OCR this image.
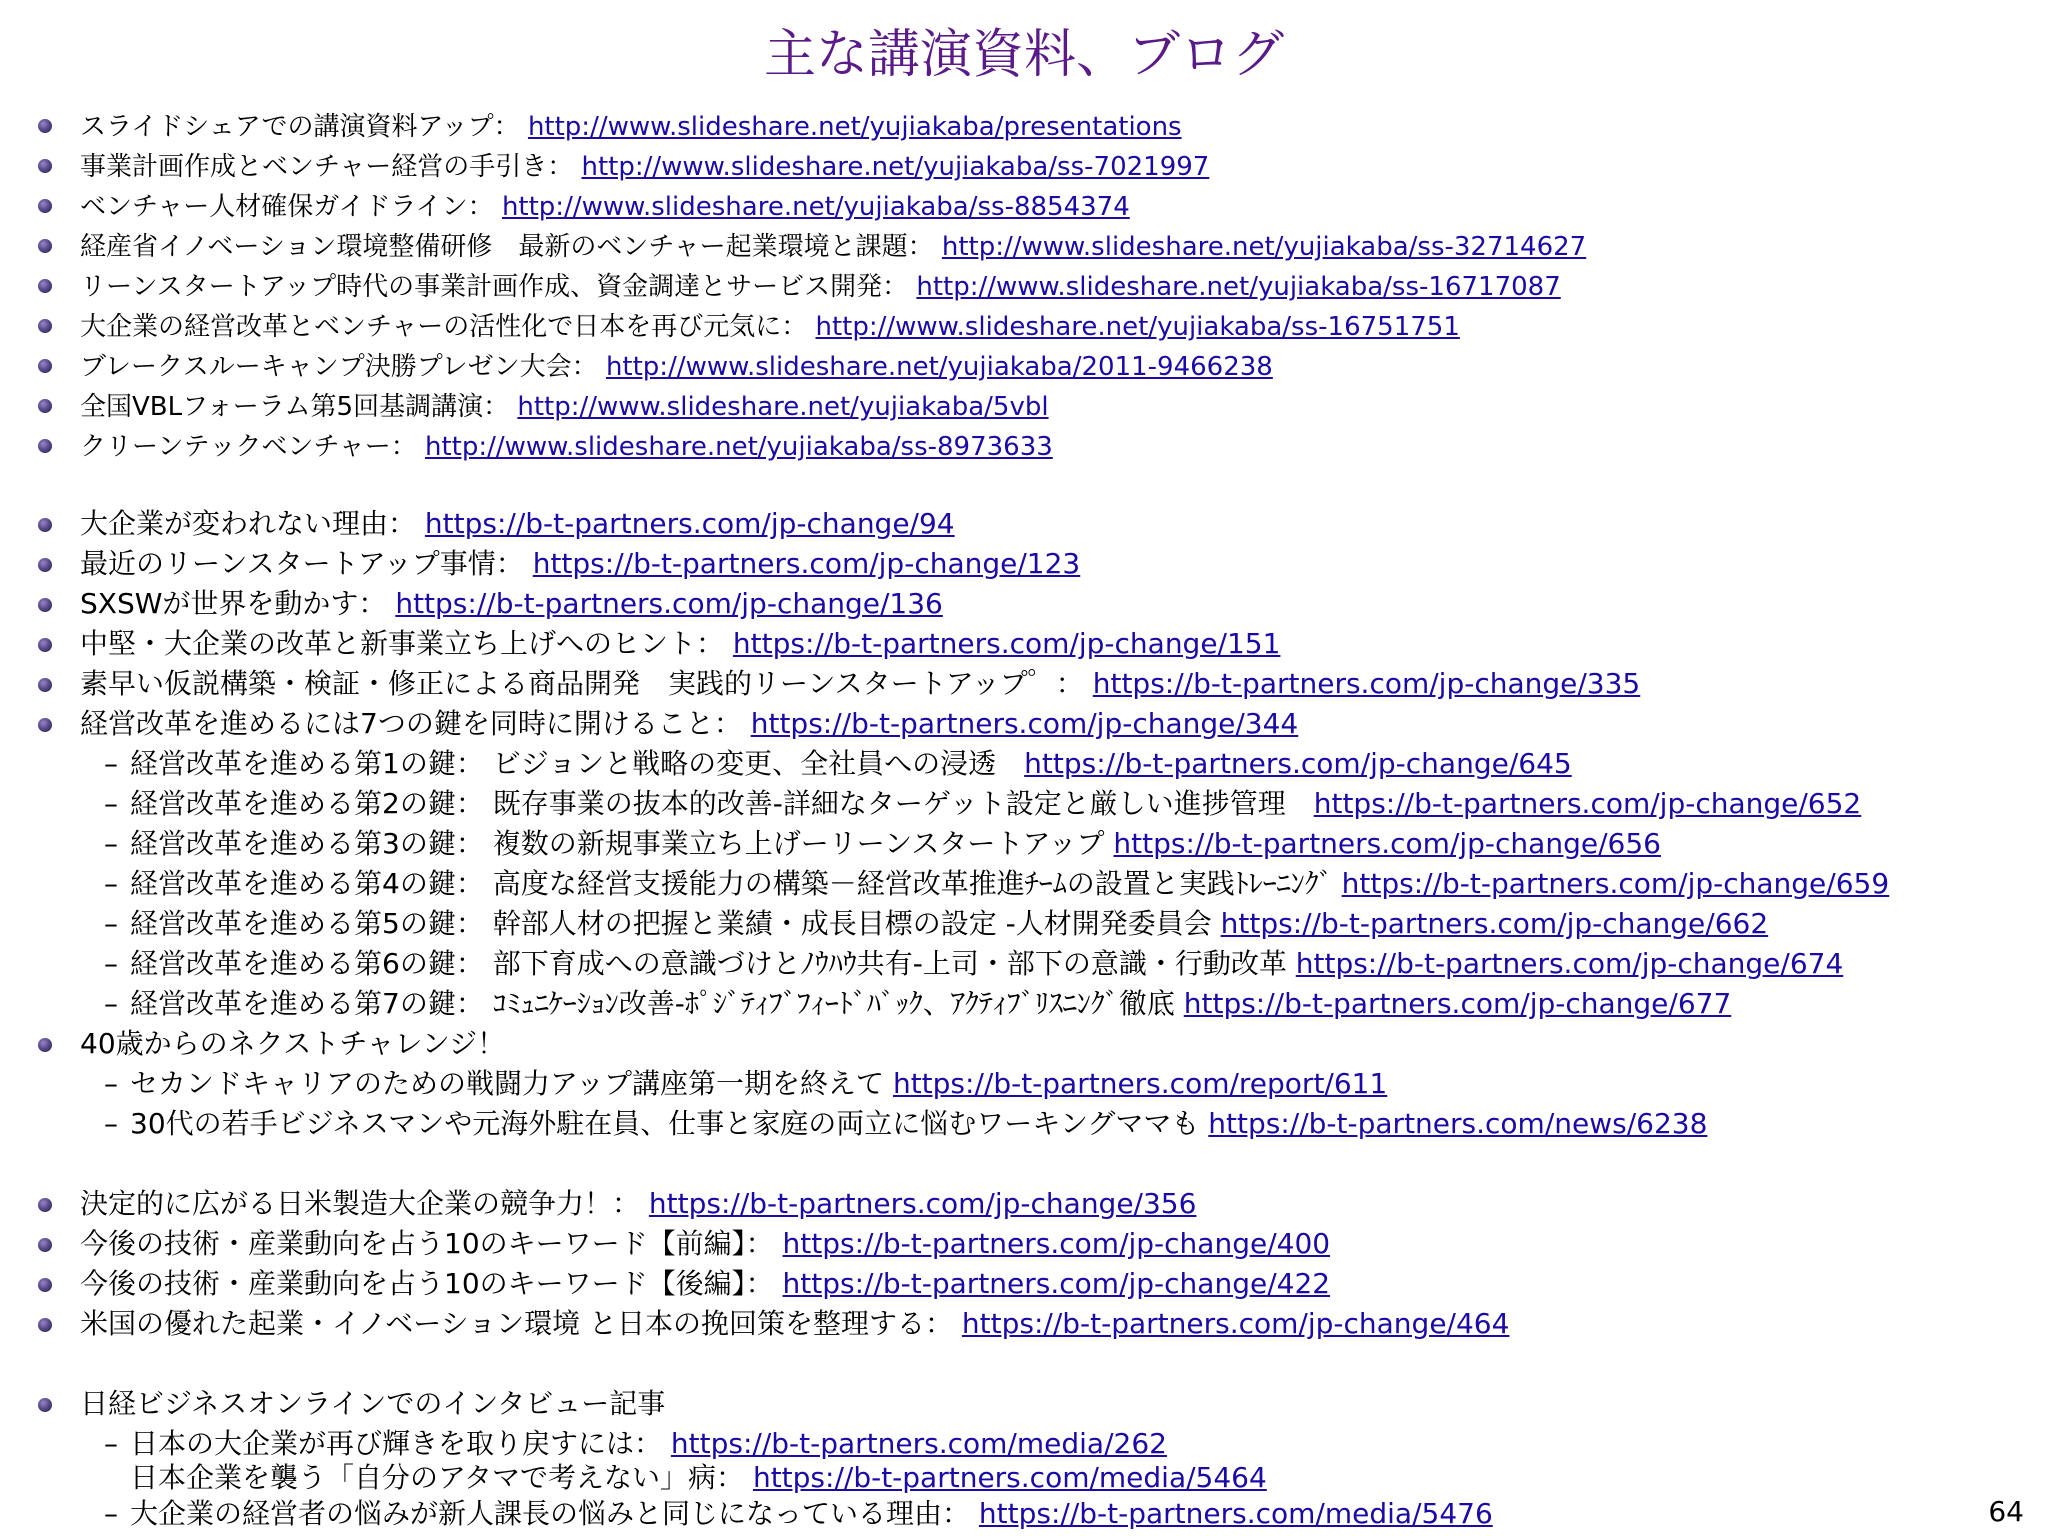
主な講演資料、ブログ
スライドシェアでの講演資料アップ： http://www.slideshare.net/yujiakaba/presentations
事業計画作成とベンチャー経営の手引き： http://www.slideshare.net/yujiakaba/ss-7021997
ベンチャー人材確保ガイドライン： http://www.slideshare.net/yujiakaba/ss-8854374
経産省イノベーション環境整備研修　最新のベンチャー起業環境と課題： http://www.slideshare.net/yujiakaba/ss-32714627
リーンスタートアップ時代の事業計画作成、資金調達とサービス開発： http://www.slideshare.net/yujiakaba/ss-16717087
大企業の経営改革とベンチャーの活性化で日本を再び元気に： http://www.slideshare.net/yujiakaba/ss-16751751
ブレークスルーキャンプ決勝プレゼン大会： http://www.slideshare.net/yujiakaba/2011-9466238
全国VBLフォーラム第5回基調講演： http://www.slideshare.net/yujiakaba/5vbl
クリーンテックベンチャー： http://www.slideshare.net/yujiakaba/ss-8973633
大企業が変われない理由： https://b-t-partners.com/jp-change/94
最近のリーンスタートアップ事情： https://b-t-partners.com/jp-change/123
SXSWが世界を動かす： https://b-t-partners.com/jp-change/136
中堅・大企業の改革と新事業立ち上げへのヒント： https://b-t-partners.com/jp-change/151
素早い仮説構築・検証・修正による商品開発　実践的リーンスタートアップ゜： https://b-t-partners.com/jp-change/335
経営改革を進めるには7つの鍵を同時に開けること： https://b-t-partners.com/jp-change/344
– 経営改革を進める第1の鍵： ビジョンと戦略の変更、全社員への浸透　https://b-t-partners.com/jp-change/645
– 経営改革を進める第2の鍵： 既存事業の抜本的改善-詳細なターゲット設定と厳しい進捗管理　https://b-t-partners.com/jp-change/652
– 経営改革を進める第3の鍵： 複数の新規事業立ち上げーリーンスタートアップ https://b-t-partners.com/jp-change/656
– 経営改革を進める第4の鍵： 高度な経営支援能力の構築－経営改革推進ﾁｰﾑの設置と実践ﾄﾚｰﾆﾝｸﾞ https://b-t-partners.com/jp-change/659
– 経営改革を進める第5の鍵： 幹部人材の把握と業績・成長目標の設定 -人材開発委員会 https://b-t-partners.com/jp-change/662
– 経営改革を進める第6の鍵： 部下育成への意識づけとﾉｳﾊｳ共有-上司・部下の意識・行動改革 https://b-t-partners.com/jp-change/674
– 経営改革を進める第7の鍵： ｺﾐｭﾆｹｰｼｮﾝ改善-ﾎﾟｼﾞﾃｨﾌﾞﾌｨｰﾄﾞﾊﾞｯｸ、ｱｸﾃｨﾌﾞﾘｽﾆﾝｸﾞ徹底 https://b-t-partners.com/jp-change/677
40歳からのネクストチャレンジ！
– セカンドキャリアのための戦闘力アップ講座第一期を終えて https://b-t-partners.com/report/611
– 30代の若手ビジネスマンや元海外駐在員、仕事と家庭の両立に悩むワーキングママも https://b-t-partners.com/news/6238
決定的に広がる日米製造大企業の競争力！： https://b-t-partners.com/jp-change/356
今後の技術・産業動向を占う10のキーワード【前編】： https://b-t-partners.com/jp-change/400
今後の技術・産業動向を占う10のキーワード【後編】： https://b-t-partners.com/jp-change/422
米国の優れた起業・イノベーション環境 と日本の挽回策を整理する： https://b-t-partners.com/jp-change/464
日経ビジネスオンラインでのインタビュー記事
– 日本の大企業が再び輝きを取り戻すには： https://b-t-partners.com/media/262
日本企業を襲う「自分のアタマで考えない」病： https://b-t-partners.com/media/5464
– 大企業の経営者の悩みが新人課長の悩みと同じになっている理由： https://b-t-partners.com/media/5476	64
